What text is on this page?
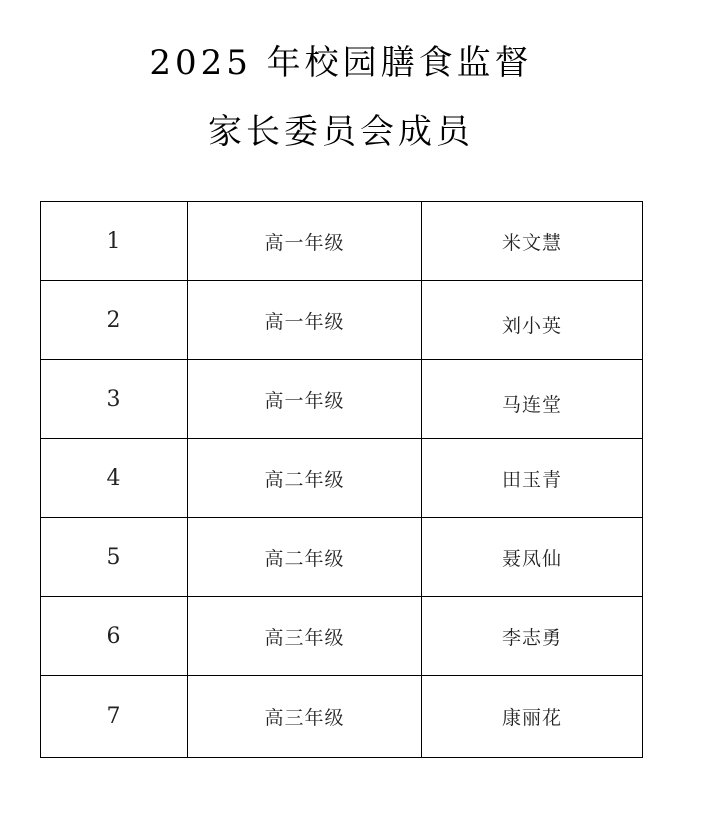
2025 年校园膳食监督
家长委员会成员
1	高一年级	米文慧
2	高一年级	刘小英
3	高一年级	马连堂
4	高二年级	田玉青
5	高二年级	聂凤仙
6	高三年级	李志勇
7	高三年级	康丽花
